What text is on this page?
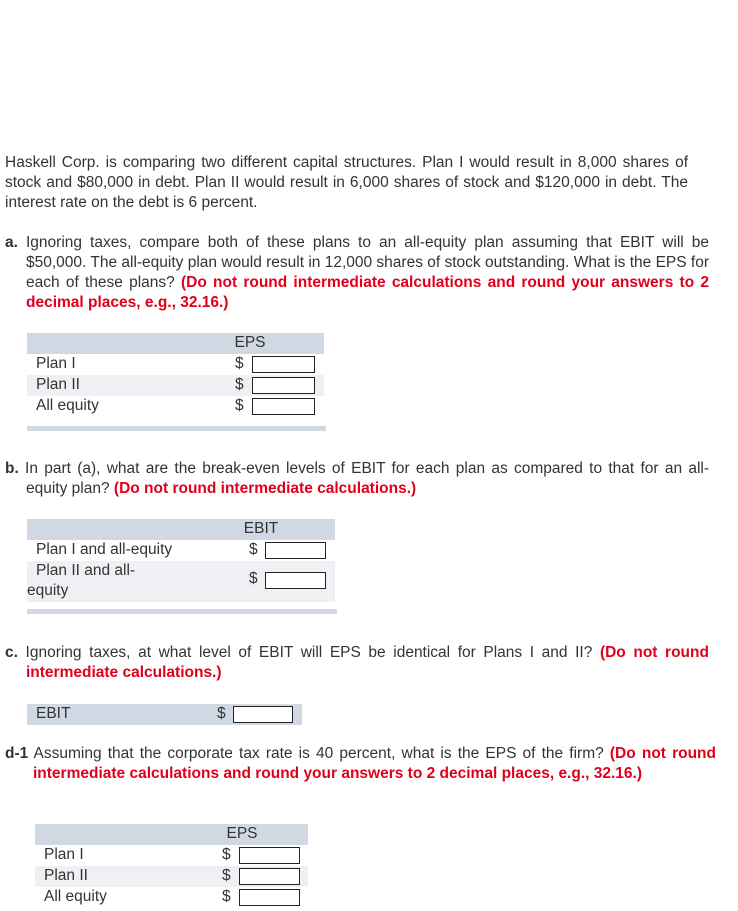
Haskell Corp. is comparing two different capital structures. Plan I would result in 8,000 shares of stock and $80,000 in debt. Plan II would result in 6,000 shares of stock and $120,000 in debt. The interest rate on the debt is 6 percent.
a. Ignoring taxes, compare both of these plans to an all-equity plan assuming that EBIT will be $50,000. The all-equity plan would result in 12,000 shares of stock outstanding. What is the EPS for each of these plans? (Do not round intermediate calculations and round your answers to 2 decimal places, e.g., 32.16.)
EPS
Plan I	$
Plan II	$
All equity	$
b. In part (a), what are the break-even levels of EBIT for each plan as compared to that for an all-equity plan? (Do not round intermediate calculations.)
EBIT
Plan I and all-equity	$
Plan II and all-
equity
$
c. Ignoring taxes, at what level of EBIT will EPS be identical for Plans I and II? (Do not round intermediate calculations.)
EBIT	$
d-1 Assuming that the corporate tax rate is 40 percent, what is the EPS of the firm? (Do not round intermediate calculations and round your answers to 2 decimal places, e.g., 32.16.)
EPS
Plan I	$
Plan II	$
All equity	$
